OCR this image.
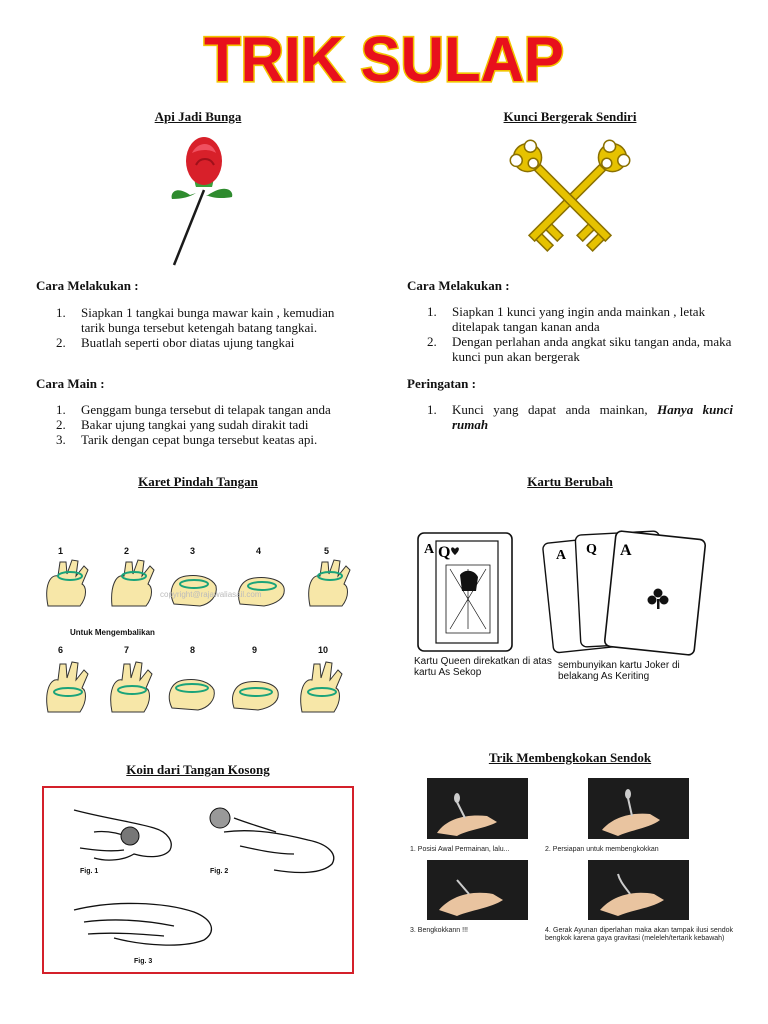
TRIK SULAP
Api Jadi Bunga
Cara Melakukan :
1. Siapkan 1 tangkai bunga mawar kain , kemudian tarik bunga tersebut ketengah batang tangkai.
2. Buatlah seperti obor diatas ujung tangkai
Cara Main :
1. Genggam bunga tersebut di telapak tangan anda
2. Bakar ujung tangkai yang sudah dirakit tadi
3. Tarik dengan cepat bunga tersebut keatas api.
Kunci Bergerak Sendiri
Cara Melakukan :
1. Siapkan 1 kunci yang ingin anda mainkan , letak ditelapak tangan kanan anda
2. Dengan perlahan anda angkat siku tangan anda, maka kunci pun akan bergerak
Peringatan :
1. Kunci yang dapat anda mainkan, Hanya kunci rumah
Karet Pindah Tangan
1	2	3	4	5
copyright@rajawaliasail.com
Untuk Mengembalikan
6	7	8	9	10
Kartu Berubah
A Q	A Q A
Kartu Queen direkatkan di atas kartu As Sekop
sembunyikan kartu Joker di belakang As Keriting
Trik Membengkokan Sendok
1. Posisi Awal Permainan, lalu...	2. Persiapan untuk membengkokkan
3. Bengkokkann !!!	4. Gerak Ayunan diperlahan maka akan tampak ilusi sendok bengkok karena gaya gravitasi (meleleh/tertarik kebawah)
Koin dari Tangan Kosong
Fig. 1	Fig. 2
Fig. 3
